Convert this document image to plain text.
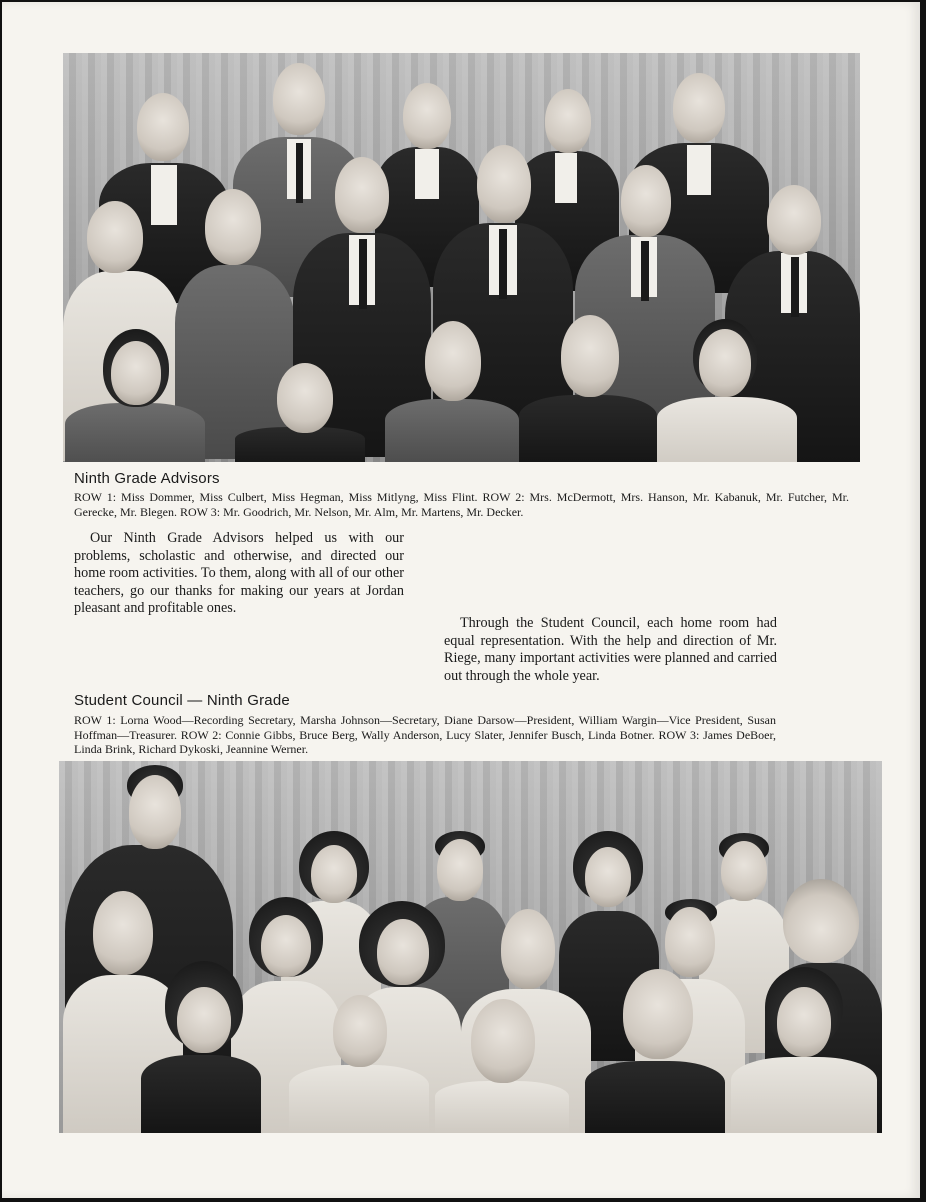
Ninth Grade Advisors
ROW 1: Miss Dommer, Miss Culbert, Miss Hegman, Miss Mitlyng, Miss Flint. ROW 2: Mrs. McDermott, Mrs. Hanson, Mr. Kabanuk, Mr. Futcher, Mr. Gerecke, Mr. Blegen. ROW 3: Mr. Goodrich, Mr. Nelson, Mr. Alm, Mr. Martens, Mr. Decker.
Our Ninth Grade Advisors helped us with our problems, scholastic and otherwise, and directed our home room activities. To them, along with all of our other teachers, go our thanks for making our years at Jordan pleasant and profitable ones.
Through the Student Council, each home room had equal representation. With the help and direction of Mr. Riege, many important activities were planned and carried out through the whole year.
Student Council — Ninth Grade
ROW 1: Lorna Wood—Recording Secretary, Marsha Johnson—Secretary, Diane Darsow—President, William Wargin—Vice President, Susan Hoffman—Treasurer. ROW 2: Connie Gibbs, Bruce Berg, Wally Anderson, Lucy Slater, Jennifer Busch, Linda Botner. ROW 3: James DeBoer, Linda Brink, Richard Dykoski, Jeannine Werner.
